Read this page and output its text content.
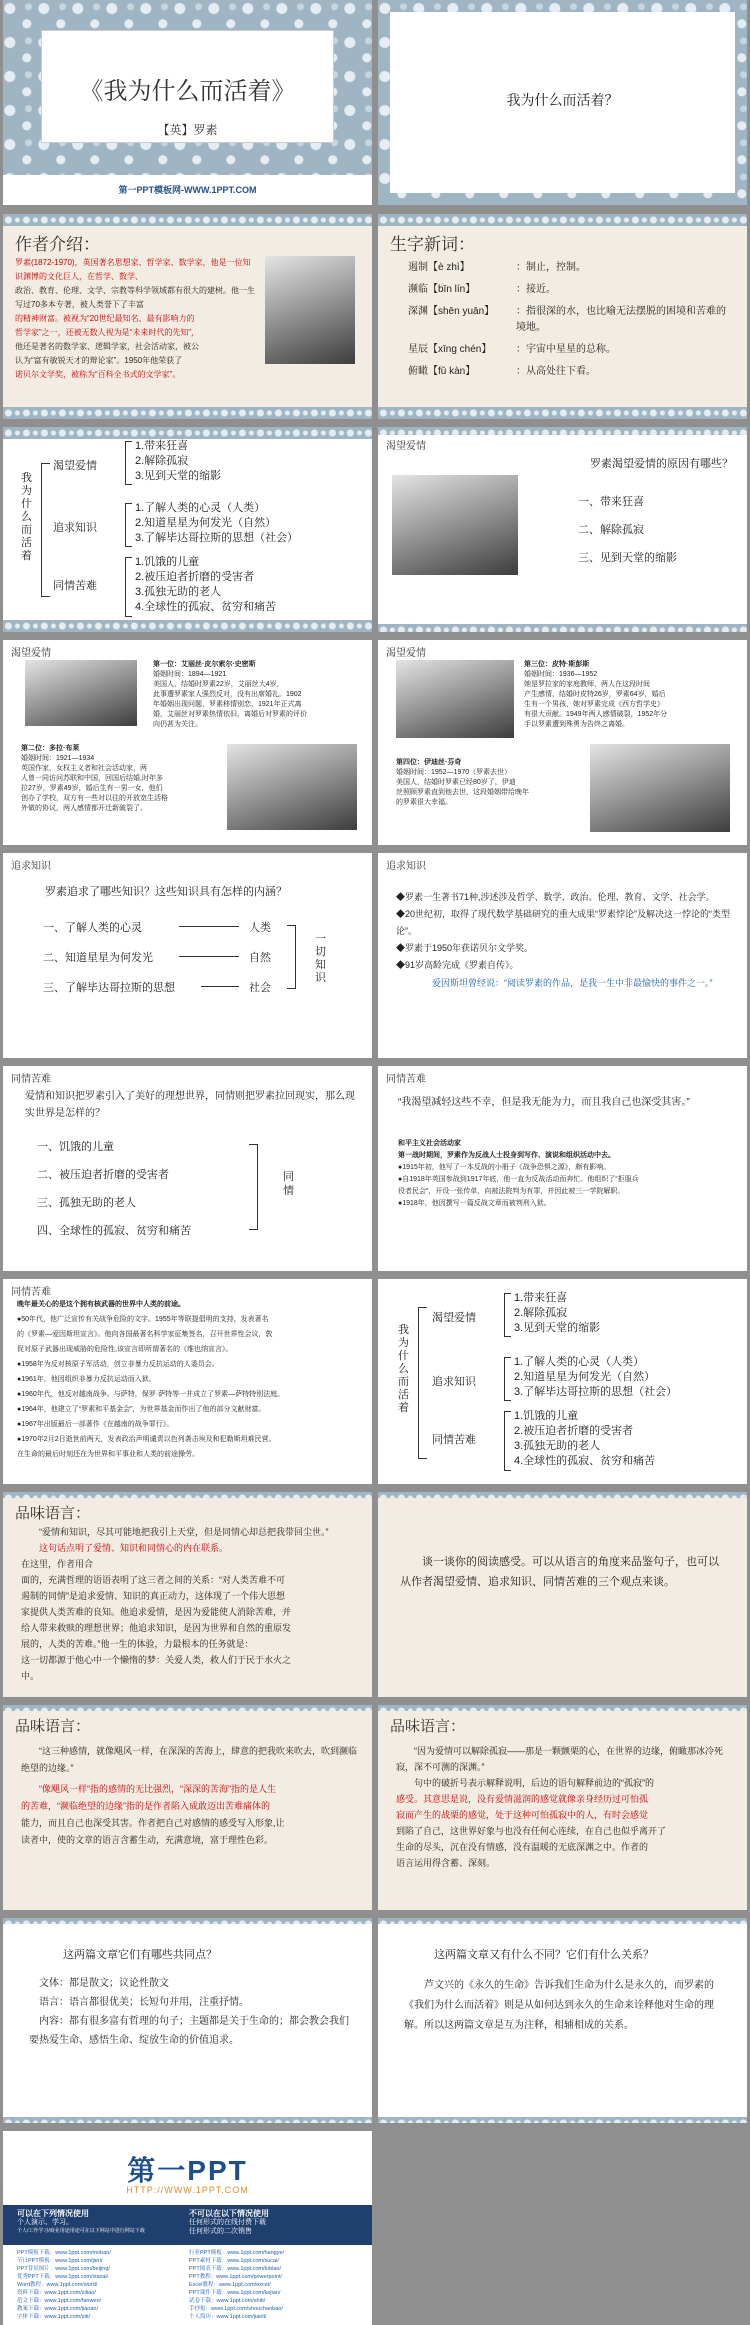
《我为什么而活着》
【英】罗素
第一PPT模板网-WWW.1PPT.COM
我为什么而活着？
作者介绍：
罗素(1872-1970)，英国著名思想家、哲学家、数学家，他是一位知识渊博的文化巨人，在哲学、数学、
政治、教育、伦理、文学、宗教等科学领域都有很大的建树。他一生写过70多本专著，被人类誉下了丰富
的精神财富。被视为“20世纪最知名、最有影响力的
哲学家”之一，还被无数人视为是“未来时代的先知”，
他还是著名的数学家、逻辑学家，社会活动家，被公
认为“富有敏锐天才的辩论家”。1950年他荣获了
诺贝尔文学奖，被称为“百科全书式的文学家”。
生字新词：
遏制【è zhì】	：制止，控制。
濒临【bīn lín】	：接近。
深渊【shēn yuān】	：指很深的水，也比喻无法摆脱的困境和苦难的境地。
星辰【xīng chén】	：宇宙中星星的总称。
俯瞰【fǔ kàn】	：从高处往下看。
我为什么而活着
渴望爱情
追求知识
同情苦难
1.带来狂喜
2.解除孤寂
3.见到天堂的缩影
1.了解人类的心灵（人类）
2.知道星星为何发光（自然）
3.了解毕达哥拉斯的思想（社会）
1.饥饿的儿童
2.被压迫者折磨的受害者
3.孤独无助的老人
4.全球性的孤寂、贫穷和痛苦
渴望爱情
罗素渴望爱情的原因有哪些？
一、带来狂喜
二、解除孤寂
三、见到天堂的缩影
渴望爱情
第一位：艾丽丝·皮尔索尔·史密斯
婚姻时间：1894—1921
美国人，结婚时罗素22岁，艾丽丝大4岁，
此事遭罗素家人强烈反对，没有出席婚礼。1902
年婚姻出现问题，罗素移情别恋，1921年正式离
婚，艾丽丝对罗素热情依旧，离婚后对罗素的评价
向仍甚为关注。
第二位：多拉·布莱
婚姻时间：1921—1934
英国作家，女权主义者和社会活动家，两
人曾一同访问苏联和中国，回国后结婚,时年多
拉27岁，罗素49岁，婚后生有一男一女，他们
创办了学校，双方有一些对以往的开放宽生活格
外做的协议，两人感情都开迁新破裂了。
渴望爱情
第三位：皮特·斯彭斯
婚姻时间：1936—1952
她是罗拉家的家庭教师，两人在这段时间
产生感情，结婚时皮特26岁，罗素64岁，婚后
生有一个男孩，她对罗素完成《西方哲学史》
有很大贡献。1949年两人感情破裂，1952年分
手以罗素遭到殊勇为告终之离婚。
第四位：伊迪丝·芬奇
婚姻时间：1952—1970（罗素去世）
美国人，结婚时罗素已经80岁了，伊迪
丝照顾罗素直到他去世，这段婚姻带给晚年
的罗素很大幸福。
追求知识
罗素追求了哪些知识？这些知识具有怎样的内涵？
一、了解人类的心灵
二、知道星星为何发光
三、了解毕达哥拉斯的思想
人类
自然
社会
一切知识
追求知识
◆罗素一生著书71种,涉述涉及哲学、数学、政治、伦理、教育、文学、社会学。
◆20世纪初，取得了现代数学基础研究的重大成果“罗素悖论”及解决这一悖论的“类型论”。
◆罗素于1950年获诺贝尔文学奖。
◆91岁高龄完成《罗素自传》。
爱因斯坦曾经说：“阅读罗素的作品，是我一生中非最愉快的事件之一。”
同情苦难
爱情和知识把罗素引入了美好的理想世界，同情则把罗素拉回现实，那么现实世界是怎样的？
一、饥饿的儿童
二、被压迫者折磨的受害者
三、孤独无助的老人
四、全球性的孤寂、贫穷和痛苦
同情
同情苦难
“我渴望减轻这些不幸，但是我无能为力，而且我自己也深受其害。”
和平主义社会活动家
第一战时期间，罗素作为反战人士投身到写作、演说和组织活动中去。
●1915年初，他写了一本反战的小册子《战争恐惧之源》，颇有影响。
●自1918年英国参战到1917年底，他一直为反战活动而奔忙。他组织了“拒服兵
役者民会”，开设一张传单，向被法院判为有罪，并因此被三一学院解职。
●1918年，他因撰写一篇反战文章而被判刑入狱。
同情苦难
晚年最关心的是这个拥有核武器的世界中人类的前途。
●50年代，他广泛宣传有关战争危险的文字。1955年等联提倡明的支持，发表著名
的《罗素—爱因斯坦宣言》。他向各国最著名科学家征集签名，召开世界性会议，敦
促对原子武器出现威胁的危险性,该宣言即所谓著名的《维也纳宣言》。
●1958年为反对核原子军活动，创立非暴力反抗运动的人委员会。
●1961年，他因组织非暴力反抗运动而入狱。
●1960年代，他反对越南战争。与萨特，保罗·萨特等一并成立了罗素—萨特特别法庭。
●1964年，他建立了“罗素和平基金会”，为世界基金而作出了他的部分文献财富。
●1967年出版最后一部著作《在越南的战争罪行》。
●1970年2月2日逝世前两天，发表政治声明谴责以色列袭击埃及和犯勒斯坦难民营。
在生命的最后时刻还在为世界和平事业和人类的前途操劳。
我为什么而活着
渴望爱情
追求知识
同情苦难
1.带来狂喜
2.解除孤寂
3.见到天堂的缩影
1.了解人类的心灵（人类）
2.知道星星为何发光（自然）
3.了解毕达哥拉斯的思想（社会）
1.饥饿的儿童
2.被压迫者折磨的受害者
3.孤独无助的老人
4.全球性的孤寂、贫穷和痛苦
品味语言：
“爱情和知识，尽其可能地把我引上天堂，但是同情心却总把我带回尘世。”
这句话点明了爱情、知识和同情心的内在联系。
在这里，作者用合
面的，充满哲理的语语表明了这三者之间的关系：“对人类苦难不可
遏制的同情”是追求爱情、知识的真正动力，这体现了一个伟大思想
家提供人类苦难的良知。他追求爱情，是因为爱能使人消除苦难，并
给人带来救赎的理想世界；他追求知识，是因为世界和自然的重原发
展的，人类的苦难。”他一生的体验，力最根本的任务就是：
这一切都源于他心中一个懒惰的梦：关爱人类，救人们于民于水火之
中。
谈一谈你的阅读感受。可以从语言的角度来品鉴句子，也可以从作者渴望爱情、追求知识、同情苦难的三个观点来谈。
品味语言：
“这三种感情，就像飓风一样，在深深的苦海上，肆意的把我吹来吹去，吹到濒临绝望的边缘。”
“像飓风一样”指的感情的无比强烈，“深深的苦海”指的是人生
的苦难，“濒临绝望的边缘”指的是作者陷入成敢迈出苦难痛体的
能力，而且自己也深受其害。作者把自己对感情的感受写入形象,让
读者中，使的文章的语言含蓄生动，充满意境，富于理性色彩。
品味语言：
“因为爱情可以解除孤寂——那是一颗颤栗的心，在世界的边缘，俯瞰那冰冷死寂，深不可测的深渊。”
句中的破折号表示解释说明，后边的语句解释前边的“孤寂”的
感受。其意思是说，没有爱情滋润的感觉就像亲身经历过可怕孤
寂而产生的战栗的感觉，处于这种可怕孤寂中的人，有时会感觉
到陷了自己，这世界好象与也没有任何心连续，在自己也似乎离开了
生命的尽头，沉在没有情感，没有温暖的无底深渊之中。作者的
语言运用得含蓄、深刻。
这两篇文章它们有哪些共同点？
文体：都是散文；议论性散文
语言：语言都很优美；长短句并用，注重抒情。
内容：都有很多富有哲理的句子；主题都是关于生命的；都会教会我们要热爱生命、感悟生命、绽放生命的价值追求。
这两篇文章又有什么不同？它们有什么关系？
芦文兴的《永久的生命》告诉我们生命为什么是永久的，而罗素的《我们为什么而活着》则是从如何达到永久的生命来诠释他对生命的理解。所以这两篇文章是互为注释，相辅相成的关系。
第一PPT
HTTP://WWW.1PPT.COM
可以在下列情况使用
个人演示、学习。
个人/工作学习/商业用途用途可在以下网站中进行网站下载
不可以在以下情况使用
任何形式的在线付费下载
任何形式的二次销售
PPT模板下载：www.1ppt.com/moban/
节日PPT模板：www.1ppt.com/jieri/
PPT背景图片：www.1ppt.com/beijing/
优秀PPT下载：www.1ppt.com/xiazai/
Word教程：www.1ppt.com/word/
资料下载：www.1ppt.com/ziliao/
范文下载：www.1ppt.com/fanwen/
教案下载：www.1ppt.com/jiaoan/
字体下载：www.1ppt.com/ziti/
行业PPT模板：www.1ppt.com/hangye/
PPT素材下载：www.1ppt.com/sucai/
PPT图表下载：www.1ppt.com/tubiao/
PPT教程：www.1ppt.com/powerpoint/
Excel教程：www.1ppt.com/excel/
PPT课件下载：www.1ppt.com/kejian/
试卷下载：www.1ppt.com/shiti/
手抄报：www.1ppt.com/shouchaobao/
个人简历：www.1ppt.com/jianli/
